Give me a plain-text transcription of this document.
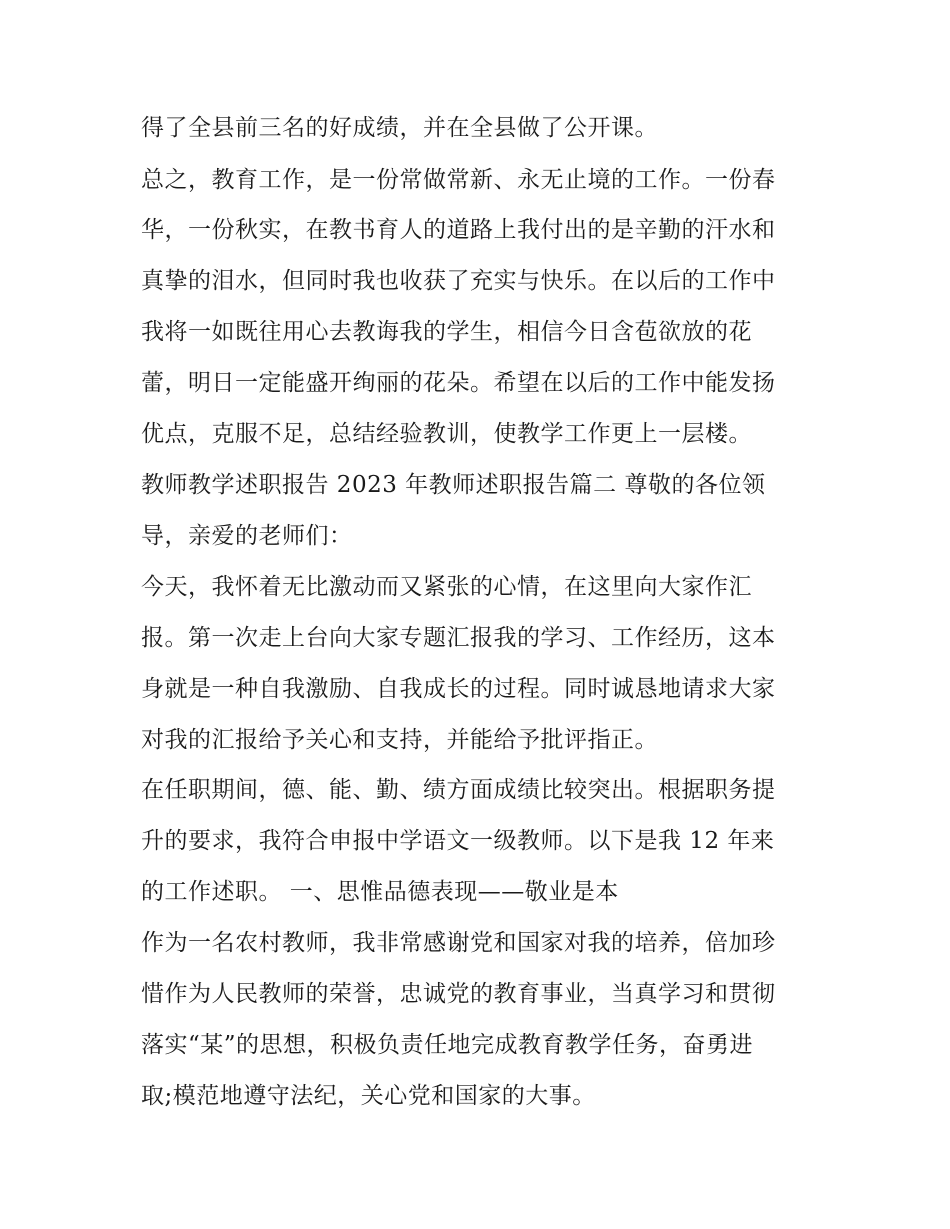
得了全县前三名的好成绩，并在全县做了公开课。
总之，教育工作，是一份常做常新、永无止境的工作。一份春
华，一份秋实，在教书育人的道路上我付出的是辛勤的汗水和
真挚的泪水，但同时我也收获了充实与快乐。在以后的工作中
我将一如既往用心去教诲我的学生，相信今日含苞欲放的花
蕾，明日一定能盛开绚丽的花朵。希望在以后的工作中能发扬
优点，克服不足，总结经验教训，使教学工作更上一层楼。
教师教学述职报告 2023 年教师述职报告篇二 尊敬的各位领
导，亲爱的老师们：
今天，我怀着无比激动而又紧张的心情，在这里向大家作汇
报。第一次走上台向大家专题汇报我的学习、工作经历，这本
身就是一种自我激励、自我成长的过程。同时诚恳地请求大家
对我的汇报给予关心和支持，并能给予批评指正。
在任职期间，德、能、勤、绩方面成绩比较突出。根据职务提
升的要求，我符合申报中学语文一级教师。以下是我 12 年来
的工作述职。 一、思惟品德表现——敬业是本
作为一名农村教师，我非常感谢党和国家对我的培养，倍加珍
惜作为人民教师的荣誉，忠诚党的教育事业，当真学习和贯彻
落实“某”的思想，积极负责任地完成教育教学任务，奋勇进
取;模范地遵守法纪，关心党和国家的大事。
